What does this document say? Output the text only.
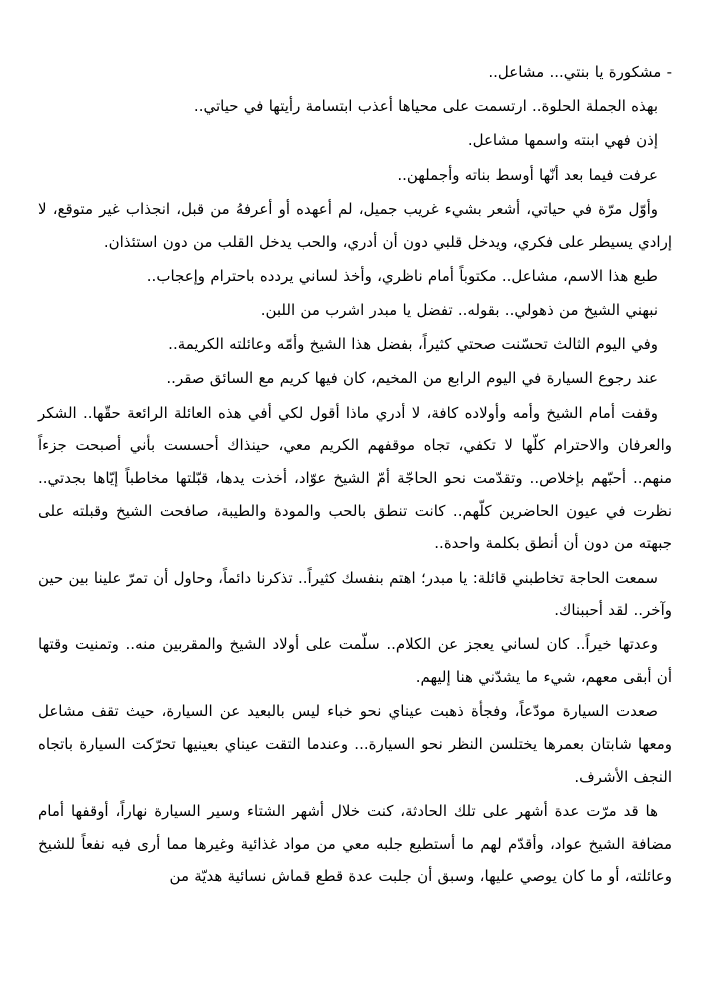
- مشكورة يا بنتي... مشاعل..

بهذه الجملة الحلوة.. ارتسمت على محياها أعذب ابتسامة رأيتها في حياتي..

إذن فهي ابنته واسمها مشاعل.

عرفت فيما بعد أنّها أوسط بناته وأجملهن..

وأوّل مرّة في حياتي، أشعر بشيء غريب جميل، لم أعهده أو أعرفهُ من قبل، انجذاب غير متوقع، لا إرادي يسيطر على فكري، ويدخل قلبي دون أن أدري، والحب يدخل القلب من دون استئذان.

طبع هذا الاسم، مشاعل.. مكتوباً أمام ناظري، وأخذ لساني يردده باحترام وإعجاب..

نبهني الشيخ من ذهولي.. بقوله.. تفضل يا مبدر اشرب من اللبن.

وفي اليوم الثالث تحسّنت صحتي كثيراً، بفضل هذا الشيخ وأمّه وعائلته الكريمة..

عند رجوع السيارة في اليوم الرابع من المخيم، كان فيها كريم مع السائق صقر..

وقفت أمام الشيخ وأمه وأولاده كافة، لا أدري ماذا أقول لكي أفي هذه العائلة الرائعة حقّها.. الشكر والعرفان والاحترام كلّها لا تكفي، تجاه موقفهم الكريم معي، حينذاك أحسست بأني أصبحت جزءاً منهم.. أحبّهم بإخلاص.. وتقدّمت نحو الحاجّة أمّ الشيخ عوّاد، أخذت يدها، قبّلتها مخاطباً إيّاها بجدتي.. نظرت في عيون الحاضرين كلّهم.. كانت تنطق بالحب والمودة والطيبة، صافحت الشيخ وقبلته على جبهته من دون أن أنطق بكلمة واحدة..

سمعت الحاجة تخاطبني قائلة: يا مبدر؛ اهتم بنفسك كثيراً.. تذكرنا دائماً، وحاول أن تمرّ علينا بين حين وآخر.. لقد أحببناك.

وعدتها خيراً.. كان لساني يعجز عن الكلام.. سلّمت على أولاد الشيخ والمقربين منه.. وتمنيت وقتها أن أبقى معهم، شيء ما يشدّني هنا إليهم.

صعدت السيارة مودّعاً، وفجأة ذهبت عيناي نحو خباء ليس بالبعيد عن السيارة، حيث تقف مشاعل ومعها شابتان بعمرها يختلسن النظر نحو السيارة... وعندما التقت عيناي بعينيها تحرّكت السيارة باتجاه النجف الأشرف.

ها قد مرّت عدة أشهر على تلك الحادثة، كنت خلال أشهر الشتاء وسير السيارة نهاراً، أوقفها أمام مضافة الشيخ عواد، وأقدّم لهم ما أستطيع جلبه معي من مواد غذائية وغيرها مما أرى فيه نفعاً للشيخ وعائلته، أو ما كان يوصي عليها، وسبق أن جلبت عدة قطع قماش نسائية هديّة من
